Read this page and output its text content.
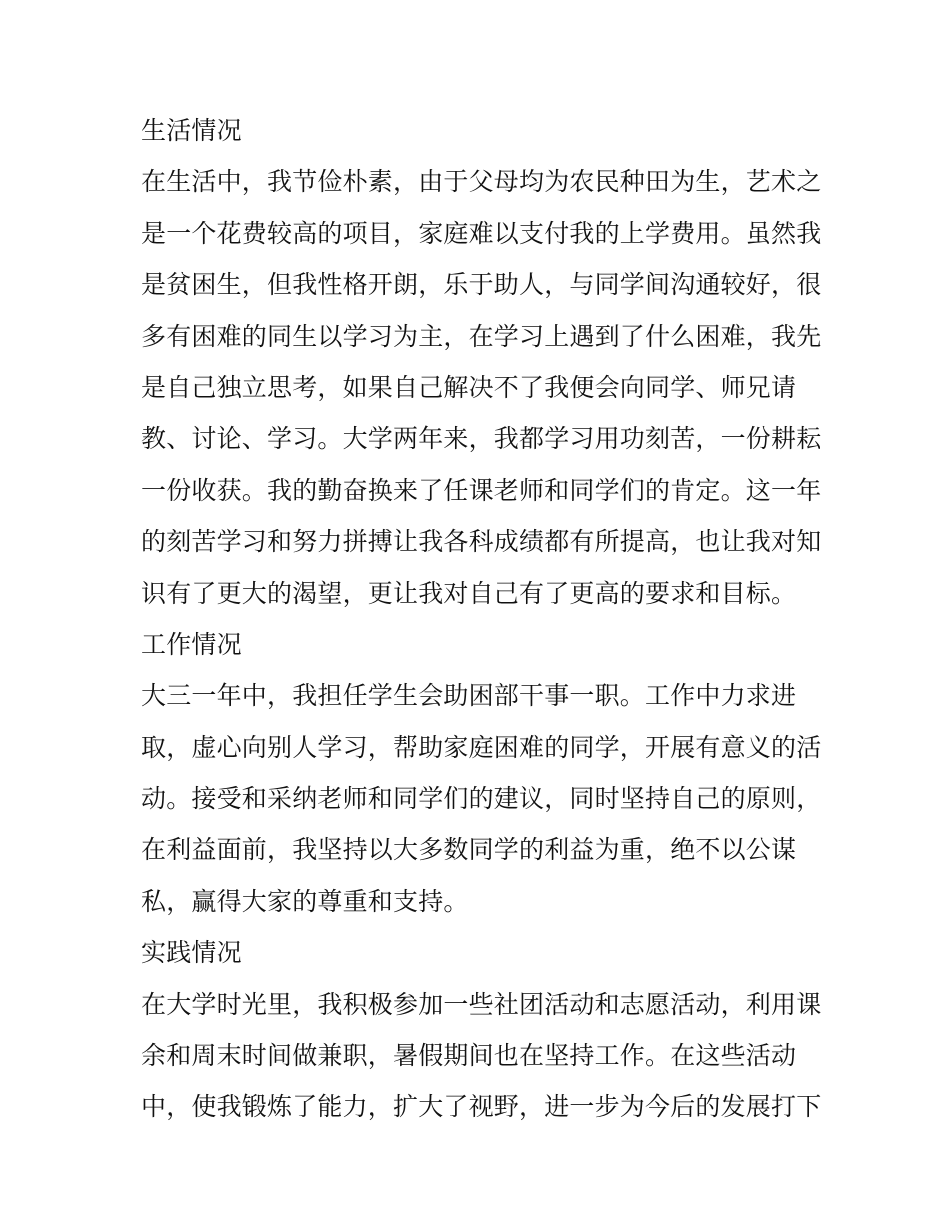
生活情况
在生活中，我节俭朴素，由于父母均为农民种田为生，艺术之
是一个花费较高的项目，家庭难以支付我的上学费用。虽然我
是贫困生，但我性格开朗，乐于助人，与同学间沟通较好，很
多有困难的同生以学习为主，在学习上遇到了什么困难，我先
是自己独立思考，如果自己解决不了我便会向同学、师兄请
教、讨论、学习。大学两年来，我都学习用功刻苦，一份耕耘
一份收获。我的勤奋换来了任课老师和同学们的肯定。这一年
的刻苦学习和努力拼搏让我各科成绩都有所提高，也让我对知
识有了更大的渴望，更让我对自己有了更高的要求和目标。
工作情况
大三一年中，我担任学生会助困部干事一职。工作中力求进
取，虚心向别人学习，帮助家庭困难的同学，开展有意义的活
动。接受和采纳老师和同学们的建议，同时坚持自己的原则，
在利益面前，我坚持以大多数同学的利益为重，绝不以公谋
私，赢得大家的尊重和支持。
实践情况
在大学时光里，我积极参加一些社团活动和志愿活动，利用课
余和周末时间做兼职，暑假期间也在坚持工作。在这些活动
中，使我锻炼了能力，扩大了视野，进一步为今后的发展打下
